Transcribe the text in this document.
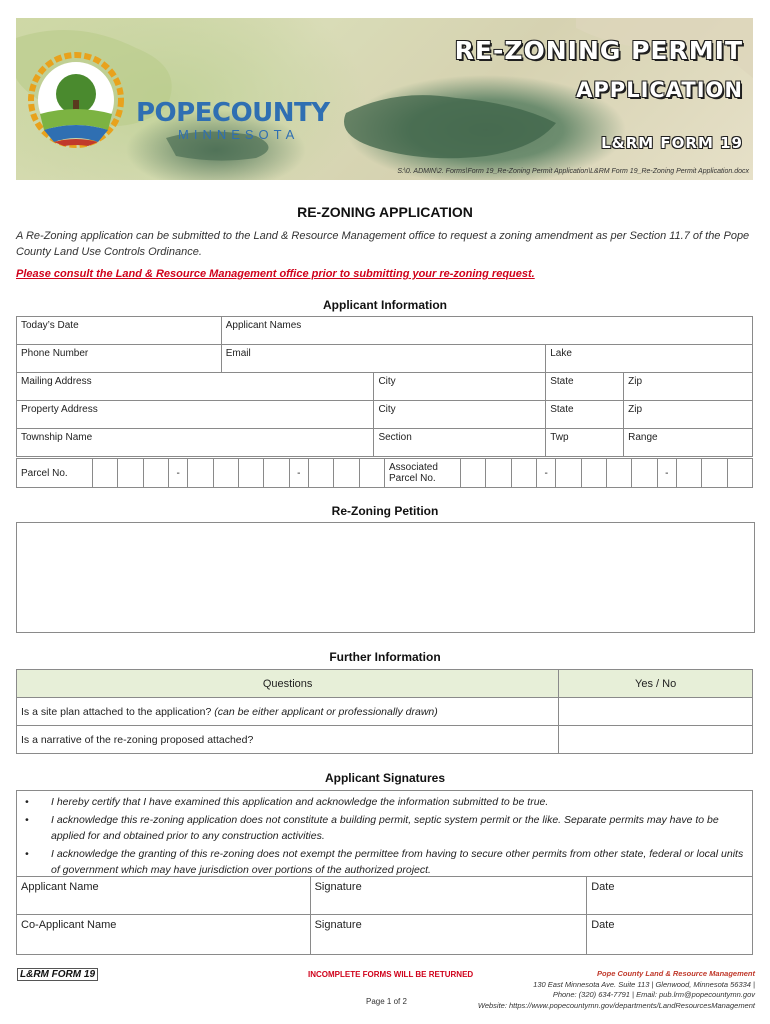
POPECOUNTY
MINNESOTA
RE-ZONING PERMIT
APPLICATION
L&RM FORM 19
S:\0. ADMIN\2. Forms\Form 19_Re-Zoning Permit Application\L&RM Form 19_Re-Zoning Permit Application.docx
RE-ZONING APPLICATION
A Re-Zoning application can be submitted to the Land & Resource Management office to request a zoning amendment as per Section 11.7 of the Pope County Land Use Controls Ordinance.
Please consult the Land & Resource Management office prior to submitting your re-zoning request.
Applicant Information
Today’s Date	Applicant Names			
Phone Number	Email		Lake	
Mailing Address		City	State	Zip
Property Address		City	State	Zip
Township Name		Section	Twp	Range
Parcel No.				-					-				Associated Parcel No.				-					-			
Re-Zoning Petition
Further Information
Questions	Yes / No
Is a site plan attached to the application? (can be either applicant or professionally drawn)	
Is a narrative of the re-zoning proposed attached?	
Applicant Signatures
• I hereby certify that I have examined this application and acknowledge the information submitted to be true.
• I acknowledge this re-zoning application does not constitute a building permit, septic system permit or the like. Separate permits may have to be applied for and obtained prior to any construction activities.
• I acknowledge the granting of this re-zoning does not exempt the permittee from having to secure other permits from other state, federal or local units of government which may have jurisdiction over portions of the authorized project.
Applicant Name	Signature	Date
Co-Applicant Name	Signature	Date
L&RM FORM 19	INCOMPLETE FORMS WILL BE RETURNED
Page 1 of 2
Pope County Land & Resource Management
130 East Minnesota Ave. Suite 113 | Glenwood, Minnesota 56334 |
Phone: (320) 634-7791 | Email: pub.lrm@popecountymn.gov
Website: https://www.popecountymn.gov/departments/LandResourcesManagement
